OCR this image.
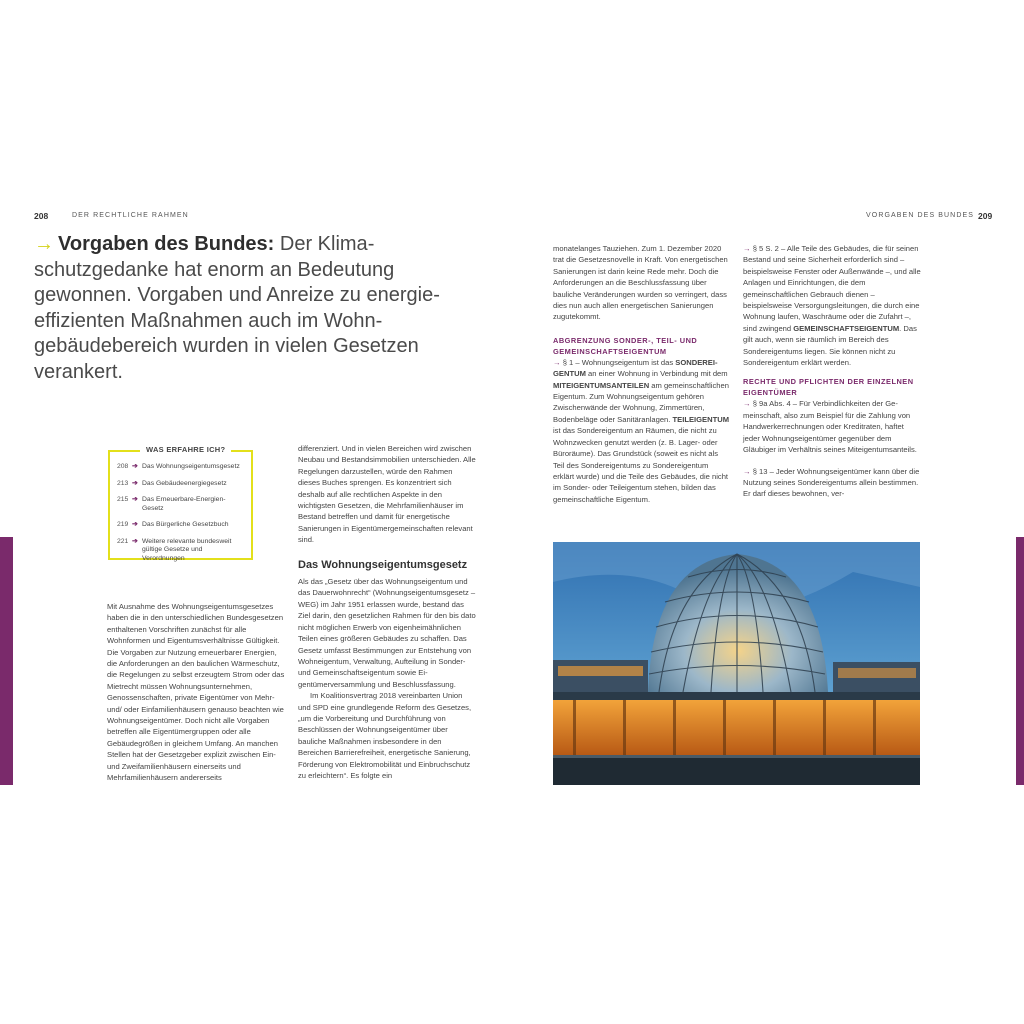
208	DER RECHTLICHE RAHMEN	VORGABEN DES BUNDES 209
→ Vorgaben des Bundes: Der Klimaschutzgedanke hat enorm an Bedeutung gewonnen. Vorgaben und Anreize zu energieeffizienten Maßnahmen auch im Wohngebäudebereich wurden in vielen Gesetzen verankert.
WAS ERFAHRE ICH?
208 ➔ Das Wohnungseigentumsgesetz
213 ➔ Das Gebäudeenergiegesetz
215 ➔ Das Erneuerbare-Energien-Gesetz
219 ➔ Das Bürgerliche Gesetzbuch
221 ➔ Weitere relevante bundesweit gültige Gesetze und Verordnungen

Mit Ausnahme des Wohnungseigentumsgesetzes haben die in den unterschiedlichen Bundesgesetzen enthaltenen Vorschriften zunächst für alle Wohnformen und Eigentumsverhältnisse Gültigkeit. Die Vorgaben zur Nutzung erneuerbarer Energien, die Anforderungen an den baulichen Wärmeschutz, die Regelungen zu selbst erzeugtem Strom oder das Mietrecht müssen Wohnungsunternehmen, Genossenschaften, private Eigentümer von Mehr- und/ oder Einfamilienhäusern genauso beachten wie Wohnungseigentümer. Doch nicht alle Vorgaben betreffen alle Eigentümergruppen oder alle Gebäudegrößen in gleichem Umfang. An manchen Stellen hat der Gesetzgeber explizit zwischen Ein- und Zweifamilienhäusern einerseits und Mehrfamilienhäusern andererseits

differenziert. Und in vielen Bereichen wird zwischen Neubau und Bestandsimmobilien unterschieden. Alle Regelungen darzustellen, würde den Rahmen dieses Buches sprengen. Es konzentriert sich deshalb auf alle rechtlichen Aspekte in den wichtigsten Gesetzen, die Mehrfamilienhäuser im Bestand betreffen und damit für energetische Sanierungen in Eigentümergemeinschaften relevant sind.

Das Wohnungseigentumsgesetz

Als das „Gesetz über das Wohnungseigentum und das Dauerwohnrecht“ (Wohnungseigentumsgesetz – WEG) im Jahr 1951 erlassen wurde, bestand das Ziel darin, den gesetzlichen Rahmen für den bis dato nicht möglichen Erwerb von eigenheimähnlichen Teilen eines größeren Gebäudes zu schaffen. Das Gesetz umfasst Bestimmungen zur Entstehung von Wohneigentum, Verwaltung, Aufteilung in Sonder- und Gemeinschaftseigentum sowie Eigentümerversammlung und Beschlussfassung.

Im Koalitionsvertrag 2018 vereinbarten Union und SPD eine grundlegende Reform des Gesetzes, „um die Vorbereitung und Durchführung von Beschlüssen der Wohnungseigentümer über bauliche Maßnahmen insbesondere in den Bereichen Barrierefreiheit, energetische Sanierung, Förderung von Elektromobilität und Einbruchschutz zu erleichtern“. Es folgte ein

monatelanges Tauziehen. Zum 1. Dezember 2020 trat die Gesetzesnovelle in Kraft. Von energetischen Sanierungen ist darin keine Rede mehr. Doch die Anforderungen an die Beschlussfassung über bauliche Veränderungen wurden so verringert, dass dies nun auch allen energetischen Sanierungen zugutekommt.

ABGRENZUNG SONDER-, TEIL- UND GEMEINSCHAFTSEIGENTUM

→ § 1 – Wohnungseigentum ist das SONDEREIGENTUM an einer Wohnung in Verbindung mit dem MITEIGENTUMSANTEILEN am gemeinschaftlichen Eigentum. Zum Wohnungseigentum gehören Zwischenwände der Wohnung, Zimmertüren, Bodenbeläge oder Sanitäranlagen. TEILEIGENTUM ist das Sondereigentum an Räumen, die nicht zu Wohnzwecken genutzt werden (z. B. Lager- oder Büroräume). Das Grundstück (soweit es nicht als Teil des Sondereigentums zu Sondereigentum erklärt wurde) und die Teile des Gebäudes, die nicht im Sonder- oder Teileigentum stehen, bilden das gemeinschaftliche Eigentum.

→ § 5 S. 2 – Alle Teile des Gebäudes, die für seinen Bestand und seine Sicherheit erforderlich sind – beispielsweise Fenster oder Außenwände –, und alle Anlagen und Einrichtungen, die dem gemeinschaftlichen Gebrauch dienen – beispielsweise Versorgungsleitungen, die durch eine Wohnung laufen, Waschräume oder die Zufahrt –, sind zwingend GEMEINSCHAFTSEIGENTUM. Das gilt auch, wenn sie räumlich im Bereich des Sondereigentums liegen. Sie können nicht zu Sondereigentum erklärt werden.

RECHTE UND PFLICHTEN DER EINZELNEN EIGENTÜMER

→ § 9a Abs. 4 – Für Verbindlichkeiten der Gemeinschaft, also zum Beispiel für die Zahlung von Handwerkerrechnungen oder Kreditraten, haftet jeder Wohnungseigentümer gegenüber dem Gläubiger im Verhältnis seines Miteigentumsanteils.

→ § 13 – Jeder Wohnungseigentümer kann über die Nutzung seines Sondereigentums allein bestimmen. Er darf dieses bewohnen, ver-
